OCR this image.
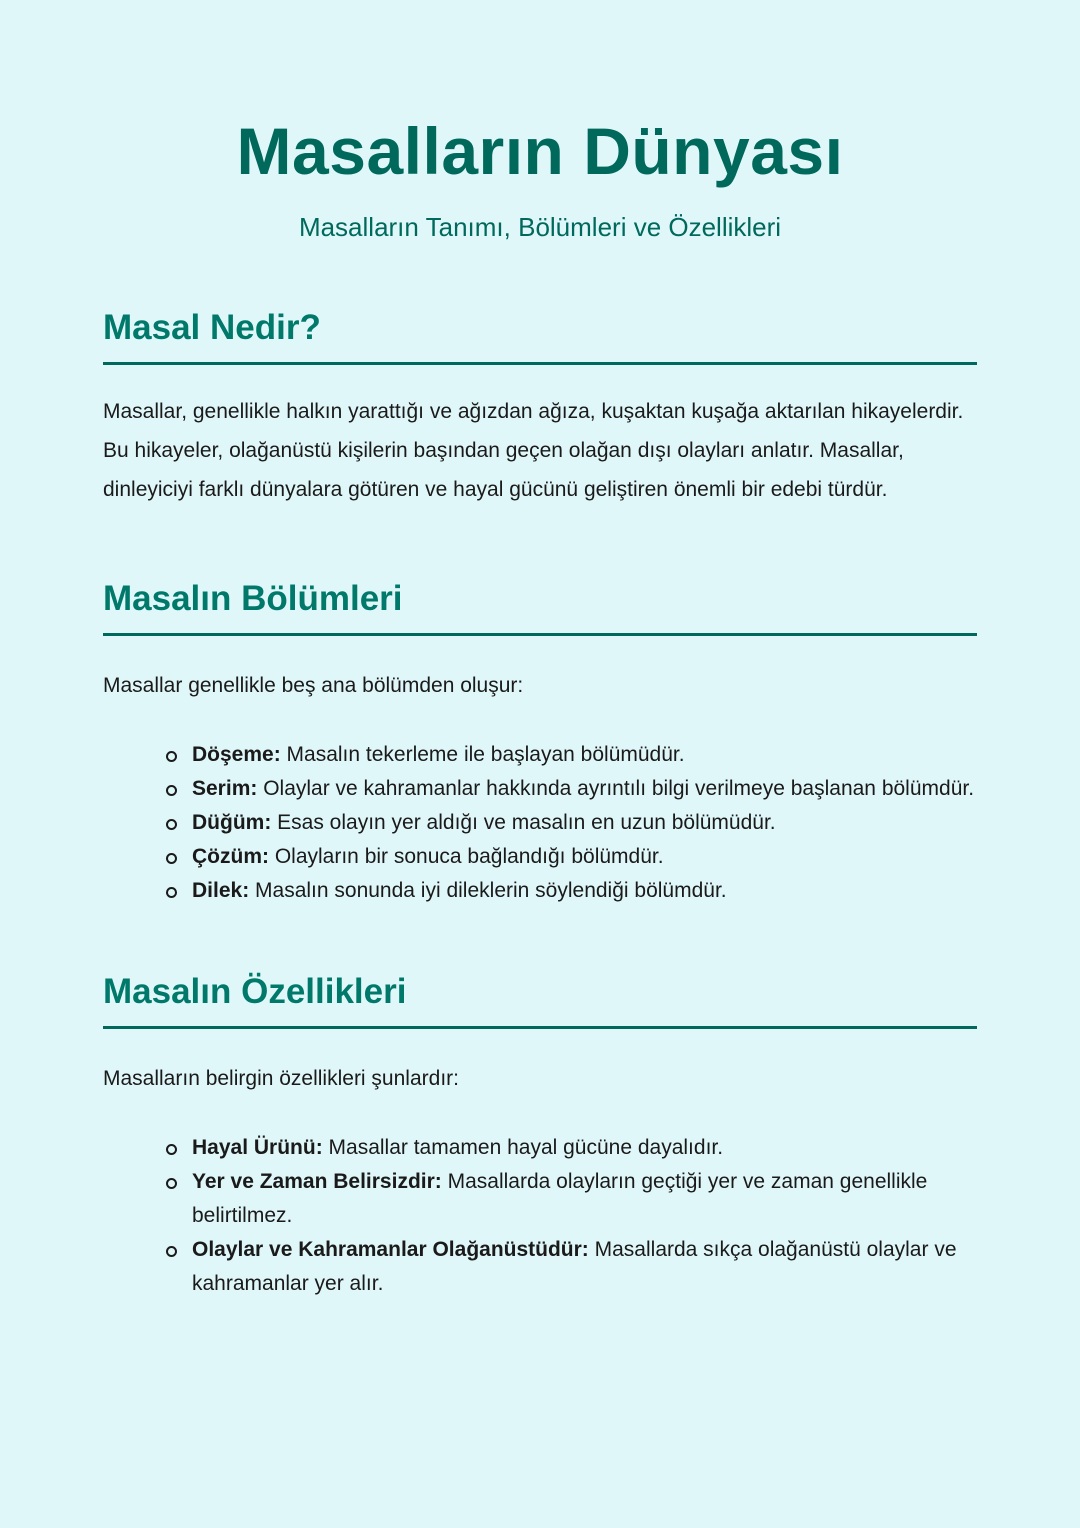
Masalların Dünyası
Masalların Tanımı, Bölümleri ve Özellikleri
Masal Nedir?

Masallar, genellikle halkın yarattığı ve ağızdan ağıza, kuşaktan kuşağa aktarılan hikayelerdir. Bu hikayeler, olağanüstü kişilerin başından geçen olağan dışı olayları anlatır. Masallar, dinleyiciyi farklı dünyalara götüren ve hayal gücünü geliştiren önemli bir edebi türdür.

Masalın Bölümleri

Masallar genellikle beş ana bölümden oluşur:

Döşeme: Masalın tekerleme ile başlayan bölümüdür.
Serim: Olaylar ve kahramanlar hakkında ayrıntılı bilgi verilmeye başlanan bölümdür.
Düğüm: Esas olayın yer aldığı ve masalın en uzun bölümüdür.
Çözüm: Olayların bir sonuca bağlandığı bölümdür.
Dilek: Masalın sonunda iyi dileklerin söylendiği bölümdür.
Masalın Özellikleri

Masalların belirgin özellikleri şunlardır:

Hayal Ürünü: Masallar tamamen hayal gücüne dayalıdır.
Yer ve Zaman Belirsizdir: Masallarda olayların geçtiği yer ve zaman genellikle belirtilmez.
Olaylar ve Kahramanlar Olağanüstüdür: Masallarda sıkça olağanüstü olaylar ve kahramanlar yer alır.
